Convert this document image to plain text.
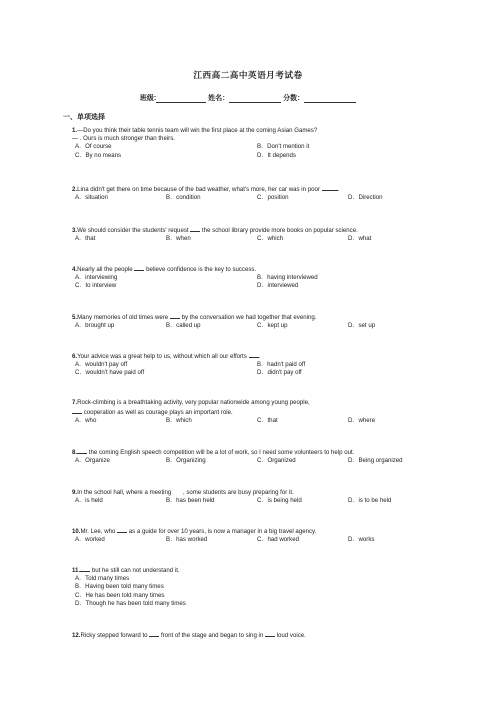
江西高二高中英语月考试卷
班级:	姓名：	分数：
一、单项选择
1.—Do you think their table tennis team will win the first place at the coming Asian Games?
— . Ours is much stronger than theirs.
A．Of course	B．Don't mention it
C．By no means	D．It depends
2.Lina didn't get there on time because of the bad weather, what's more, her car was in poor	.
A．situation	B．condition	C．position	D．Direction
3.We should consider the students' request the school library provide more books on popular science.
A．that	B．when	C．which	D．what
4.Nearly all the people believe confidence is the key to success.
A．interviewing	B．having interviewed
C．to interview	D．interviewed
5.Many memories of old times were by the conversation we had together that evening.
A．brought up	B．called up	C．kept up	D．set up
6.Your advice was a great help to us, without which all our efforts .
A．wouldn't pay off	B．hadn't paid off
C．wouldn't have paid off	D．didn't pay off
7.Rock-climbing is a breathtaking activity, very popular nationwide among young people,
cooperation as well as courage plays an important role.
A．who	B．which	C．that	D．where
8. the coming English speech competition will be a lot of work, so I need some volunteers to help out.
A．Organize	B．Organizing	C．Organized	D．Being organized
9.In the school hall, where a meeting , some students are busy preparing for it.
A．is held	B．has been held	C．is being held	D．is to be held
10.Mr. Lee, who as a guide for over 10 years, is now a manager in a big travel agency.
A．worked	B．has worked	C．had worked	D．works
11. but he still can not understand it.
A．Told many times
B．Having been told many times
C．He has been told many times
D．Though he has been told many times
12.Ricky stepped forward to front of the stage and began to sing in loud voice.
